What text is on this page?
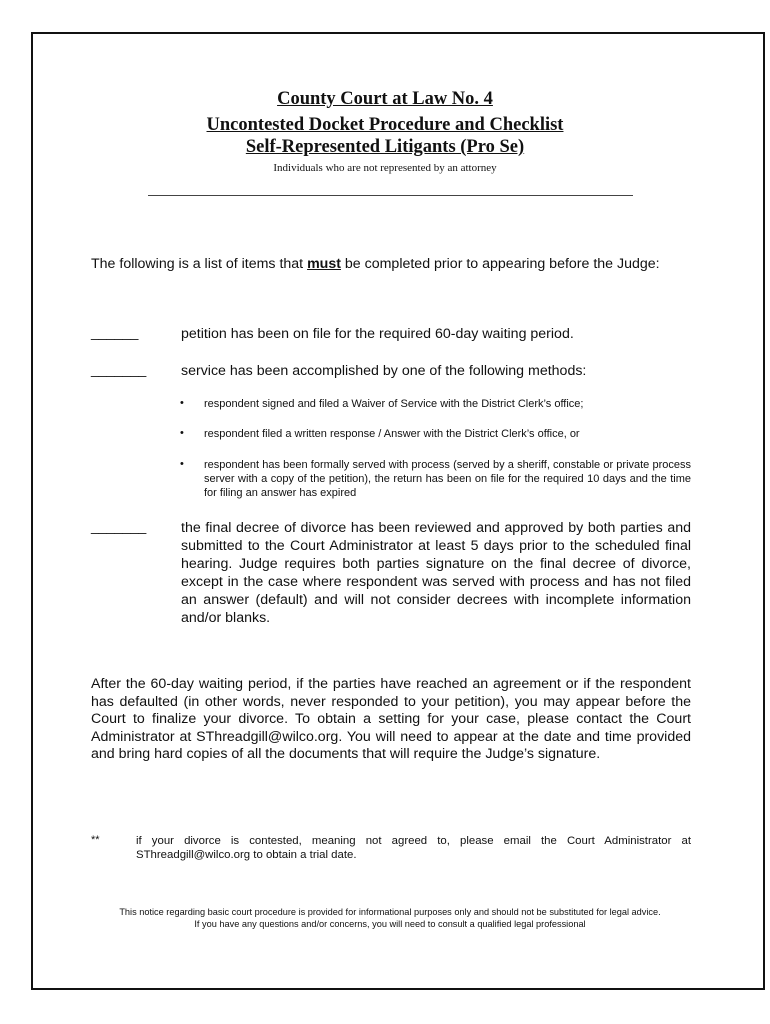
County Court at Law No. 4
Uncontested Docket Procedure and Checklist
Self-Represented Litigants (Pro Se)
Individuals who are not represented by an attorney
The following is a list of items that must be completed prior to appearing before the Judge:
______	petition has been on file for the required 60-day waiting period.
_______ service has been accomplished by one of the following methods:
• respondent signed and filed a Waiver of Service with the District Clerk’s office;
• respondent filed a written response / Answer with the District Clerk’s office, or
• respondent has been formally served with process (served by a sheriff, constable or private process server with a copy of the petition), the return has been on file for the required 10 days and the time for filing an answer has expired
_______ the final decree of divorce has been reviewed and approved by both parties and submitted to the Court Administrator at least 5 days prior to the scheduled final hearing. Judge requires both parties signature on the final decree of divorce, except in the case where respondent was served with process and has not filed an answer (default) and will not consider decrees with incomplete information and/or blanks.
After the 60-day waiting period, if the parties have reached an agreement or if the respondent has defaulted (in other words, never responded to your petition), you may appear before the Court to finalize your divorce. To obtain a setting for your case, please contact the Court Administrator at SThreadgill@wilco.org. You will need to appear at the date and time provided and bring hard copies of all the documents that will require the Judge’s signature.
**	if your divorce is contested, meaning not agreed to, please email the Court Administrator at SThreadgill@wilco.org to obtain a trial date.
This notice regarding basic court procedure is provided for informational purposes only and should not be substituted for legal advice.
If you have any questions and/or concerns, you will need to consult a qualified legal professional
